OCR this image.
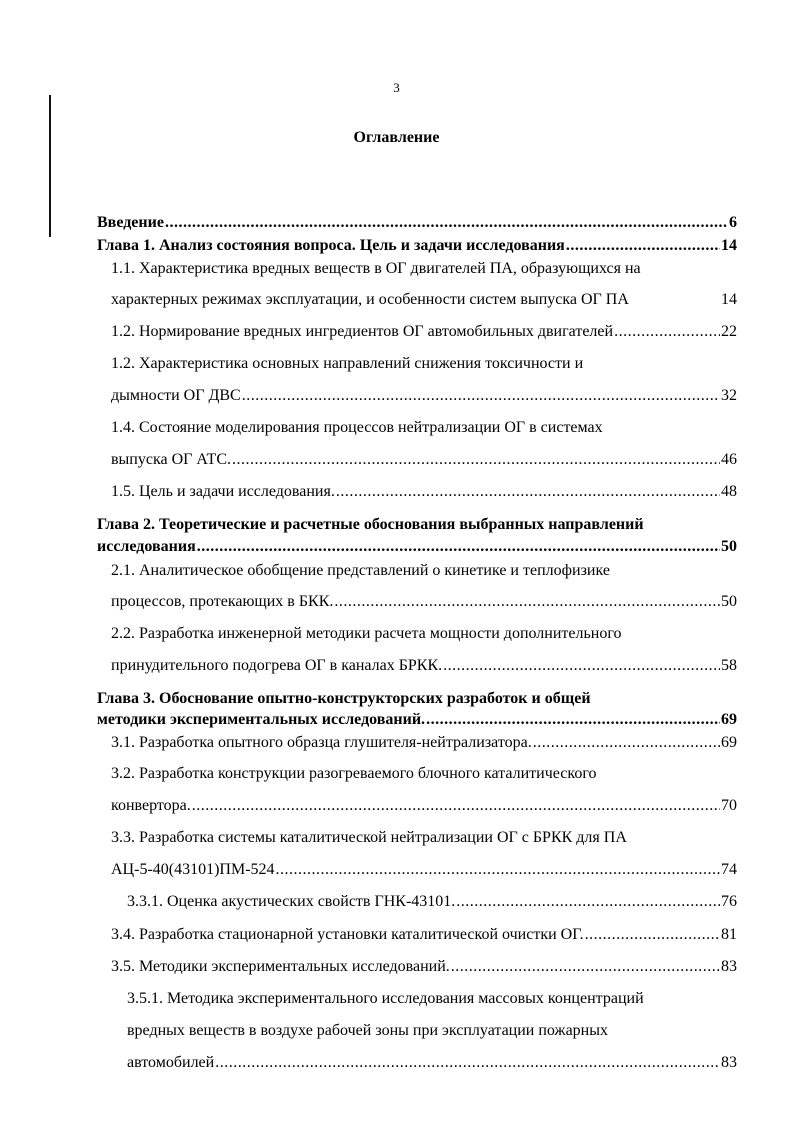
3
Оглавление
Введение .....	6
Глава 1. Анализ состояния вопроса. Цель и задачи исследования .....	14
1.1. Характеристика вредных веществ в ОГ двигателей ПА, образующихся на
характерных режимах эксплуатации, и особенности систем выпуска ОГ ПА	14
1.2. Нормирование вредных ингредиентов ОГ автомобильных двигателей .....	22
1.2. Характеристика основных направлений снижения токсичности и
дымности ОГ ДВС .....	32
1.4. Состояние моделирования процессов нейтрализации ОГ в системах
выпуска ОГ АТС. .....	46
1.5. Цель и задачи исследования. .....	48
Глава 2. Теоретические и расчетные обоснования выбранных направлений
исследования .....	50
2.1. Аналитическое обобщение представлений о кинетике и теплофизике
процессов, протекающих в БКК. .....	50
2.2. Разработка инженерной методики расчета мощности дополнительного
принудительного подогрева ОГ в каналах БРКК. .....	58
Глава 3. Обоснование опытно-конструкторских разработок и общей
методики экспериментальных исследований. .....	69
3.1. Разработка опытного образца глушителя-нейтрализатора. .....	69
3.2. Разработка конструкции разогреваемого блочного каталитического
конвертора. .....	70
3.3. Разработка системы каталитической нейтрализации ОГ с БРКК для ПА
АЦ-5-40(43101)ПМ-524 .....	74
3.3.1. Оценка акустических свойств ГНК-43101. .....	76
3.4. Разработка стационарной установки каталитической очистки ОГ. .....	81
3.5. Методики экспериментальных исследований. .....	83
3.5.1. Методика экспериментального исследования массовых концентраций
вредных веществ в воздухе рабочей зоны при эксплуатации пожарных
автомобилей .....	83
